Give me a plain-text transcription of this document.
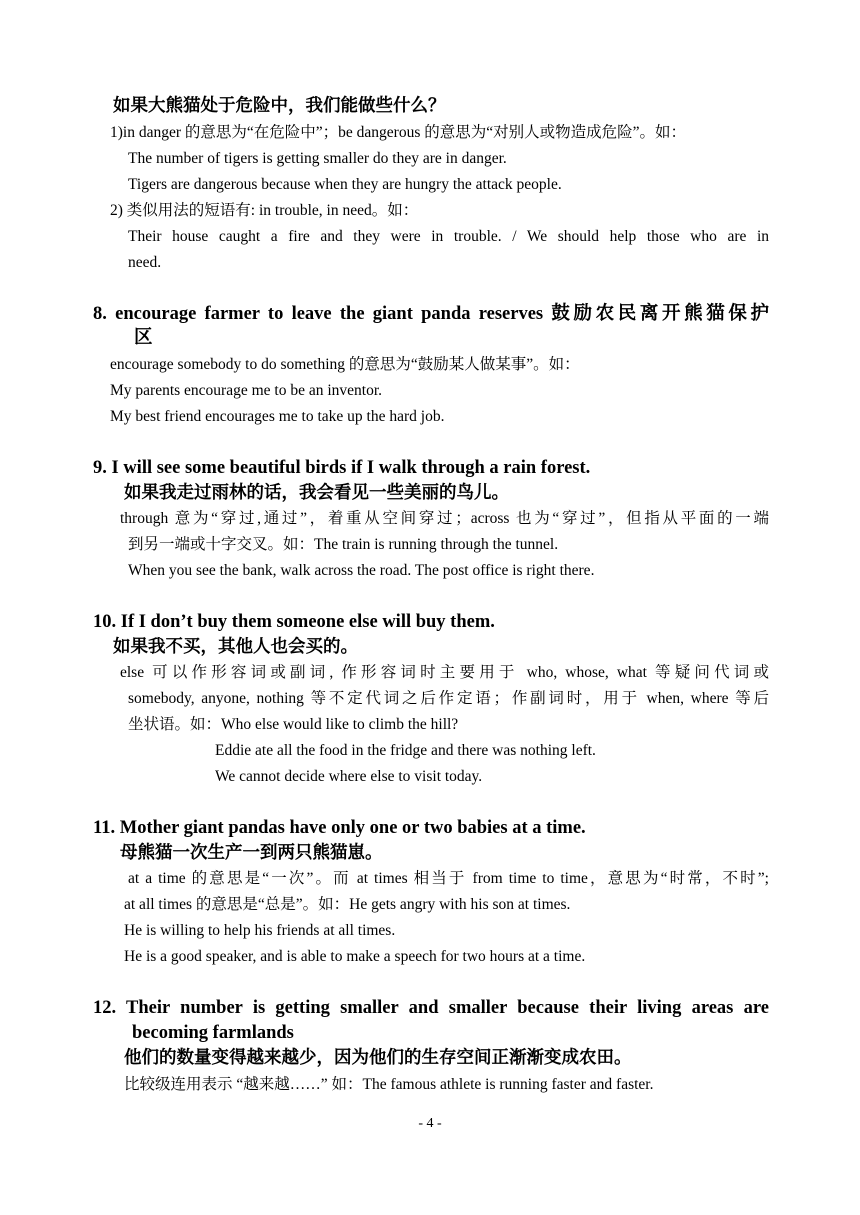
如果大熊猫处于危险中，我们能做些什么？
1)in danger 的意思为“在危险中”；be dangerous 的意思为“对别人或物造成危险”。如：
The number of tigers is getting smaller do they are in danger.
Tigers are dangerous because when they are hungry the attack people.
2) 类似用法的短语有: in trouble, in need。如：
Their house caught a fire and they were in trouble. / We should help those who are in
need.
8. encourage farmer to leave the giant panda reserves 鼓励农民离开熊猫保护
区
encourage somebody to do something 的意思为“鼓励某人做某事”。如：
My parents encourage me to be an inventor.
My best friend encourages me to take up the hard job.
9. I will see some beautiful birds if I walk through a rain forest.
如果我走过雨林的话，我会看见一些美丽的鸟儿。
through 意为“穿过,通过”，着重从空间穿过；across 也为“穿过”，但指从平面的一端
到另一端或十字交叉。如：The train is running through the tunnel.
When you see the bank, walk across the road. The post office is right there.
10. If I don’t buy them someone else will buy them.
如果我不买，其他人也会买的。
else 可以作形容词或副词, 作形容词时主要用于 who, whose, what 等疑问代词或
somebody, anyone, nothing 等不定代词之后作定语；作副词时，用于 when, where 等后
坐状语。如：Who else would like to climb the hill?
Eddie ate all the food in the fridge and there was nothing left.
We cannot decide where else to visit today.
11. Mother giant pandas have only one or two babies at a time.
母熊猫一次生产一到两只熊猫崽。
at a time 的意思是“一次”。而 at times 相当于 from time to time，意思为“时常，不时”;
at all times 的意思是“总是”。如：He gets angry with his son at times.
He is willing to help his friends at all times.
He is a good speaker, and is able to make a speech for two hours at a time.
12. Their number is getting smaller and smaller because their living areas are
becoming farmlands
他们的数量变得越来越少，因为他们的生存空间正渐渐变成农田。
比较级连用表示 “越来越……” 如：The famous athlete is running faster and faster.
- 4 -
